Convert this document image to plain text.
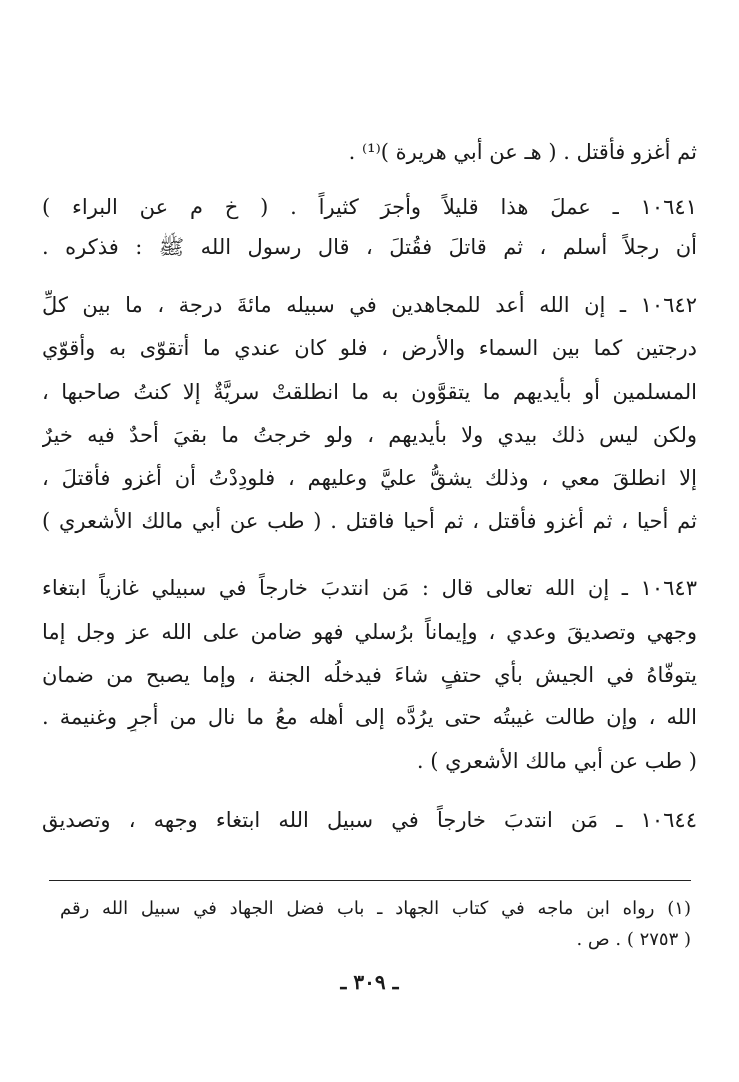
ثم أغزو فأقتل . ( هـ عن أبي هريرة )⁽¹⁾ .
١٠٦٤١ ـ عملَ هذا قليلاً وأجرَ كثيراً . ( خ م عن البراء )
أن رجلاً أسلم ، ثم قاتلَ فقُتلَ ، قال رسول الله ﷺ : فذكره .
١٠٦٤٢ ـ إن الله أعد للمجاهدين في سبيله مائةَ درجة ، ما بين كلِّ
درجتين كما بين السماء والأرض ، فلو كان عندي ما أتقوّى به وأقوّي
المسلمين أو بأيديهم ما يتقوَّون به ما انطلقتْ سريَّةٌ إلا كنتُ صاحبها ،
ولكن ليس ذلك بيدي ولا بأيديهم ، ولو خرجتُ ما بقيَ أحدٌ فيه خيرٌ
إلا انطلقَ معي ، وذلك يشقُّ عليَّ وعليهم ، فلودِدْتُ أن أغزو فأقتلَ ،
ثم أحيا ، ثم أغزو فأقتل ، ثم أحيا فاقتل . ( طب عن أبي مالك الأشعري )
١٠٦٤٣ ـ إن الله تعالى قال : مَن انتدبَ خارجاً في سبيلي غازياً ابتغاء
وجهي وتصديقَ وعدي ، وإيماناً برُسلي فهو ضامن على الله عز وجل إما
يتوفّاهُ في الجيش بأي حتفٍ شاءَ فيدخلُه الجنة ، وإما يصبح من ضمان
الله ، وإن طالت غيبتُه حتى يرُدَّه إلى أهله معُ ما نال من أجرٍ وغنيمة .
( طب عن أبي مالك الأشعري ) .
١٠٦٤٤ ـ مَن انتدبَ خارجاً في سبيل الله ابتغاء وجهه ، وتصديق
(١) رواه ابن ماجه في كتاب الجهاد ـ باب فضل الجهاد في سبيل الله رقم
( ٢٧٥٣ ) . ص .
ـ ٣٠٩ ـ
